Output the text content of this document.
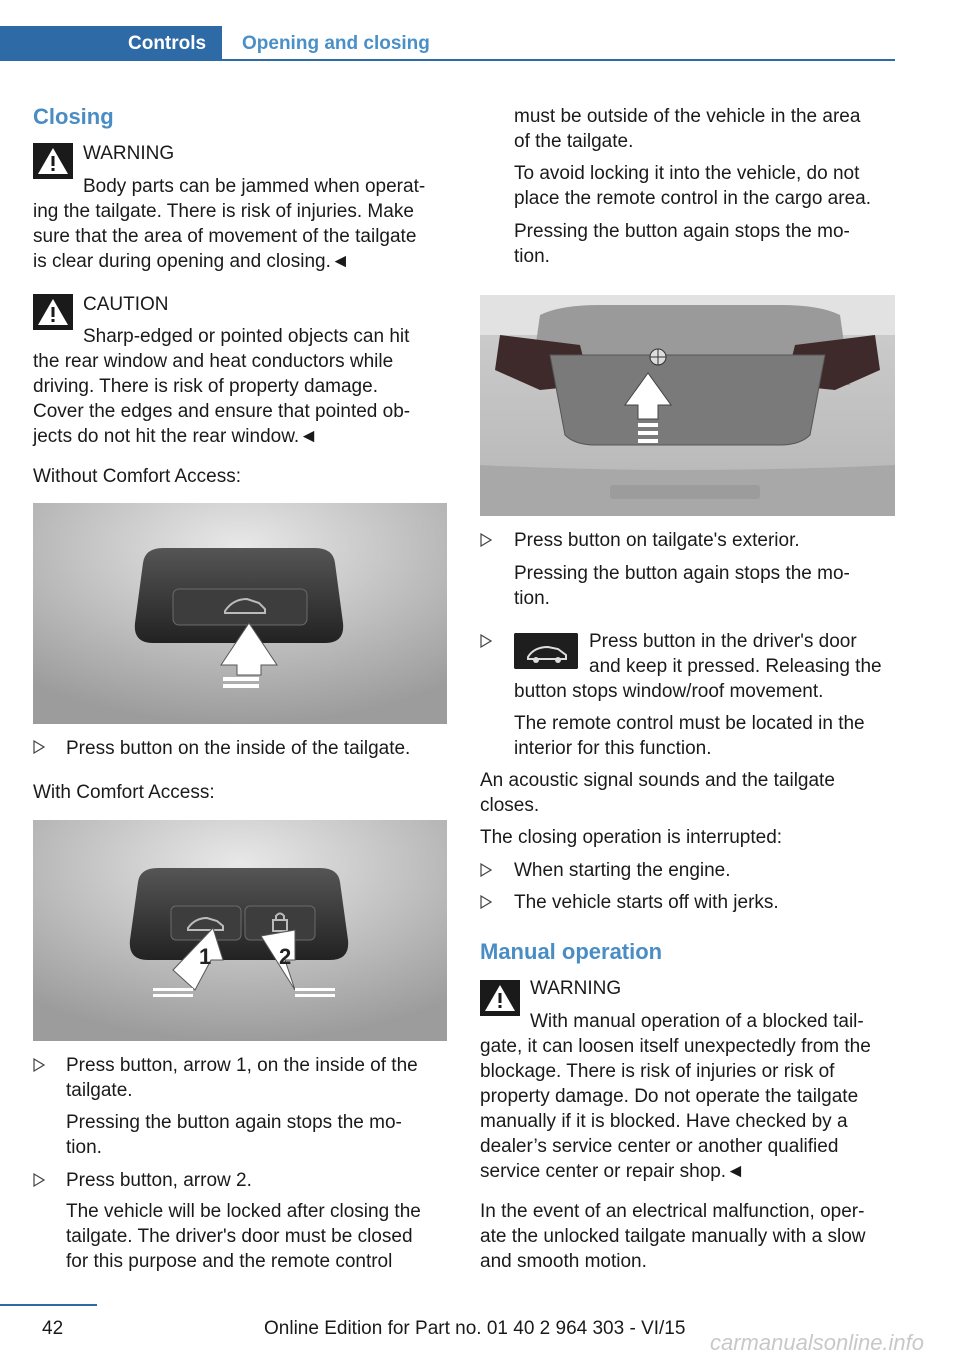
Controls Opening and closing
Closing

WARNING

Body parts can be jammed when operat-

ing the tailgate. There is risk of injuries. Make

sure that the area of movement of the tailgate

is clear during opening and closing.◄

CAUTION

Sharp-edged or pointed objects can hit

the rear window and heat conductors while

driving. There is risk of property damage.

Cover the edges and ensure that pointed ob-

jects do not hit the rear window.◄

Without Comfort Access:

Press button on the inside of the tailgate.

With Comfort Access:

1	2

Press button, arrow 1, on the inside of the

tailgate.

Pressing the button again stops the mo-

tion.

Press button, arrow 2.

The vehicle will be locked after closing the

tailgate. The driver's door must be closed

for this purpose and the remote control

must be outside of the vehicle in the area

of the tailgate.

To avoid locking it into the vehicle, do not

place the remote control in the cargo area.

Pressing the button again stops the mo-

tion.

Press button on tailgate's exterior.

Pressing the button again stops the mo-

tion.

Press button in the driver's door

and keep it pressed. Releasing the

button stops window/roof movement.

The remote control must be located in the

interior for this function.

An acoustic signal sounds and the tailgate

closes.

The closing operation is interrupted:

When starting the engine.

The vehicle starts off with jerks.

Manual operation

WARNING

With manual operation of a blocked tail-

gate, it can loosen itself unexpectedly from the

blockage. There is risk of injuries or risk of

property damage. Do not operate the tailgate

manually if it is blocked. Have checked by a

dealer’s service center or another qualified

service center or repair shop.◄

In the event of an electrical malfunction, oper-

ate the unlocked tailgate manually with a slow

and smooth motion.

42	Online Edition for Part no. 01 40 2 964 303 - VI/15
carmanualsonline.info
